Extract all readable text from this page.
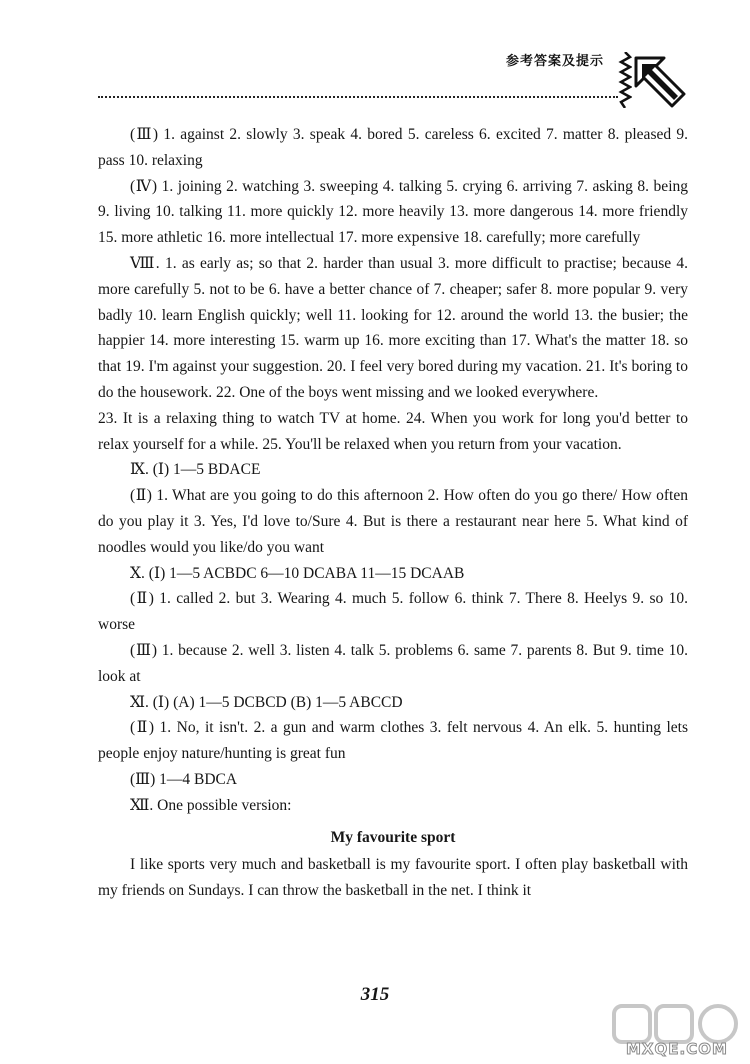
参考答案及提示

(Ⅲ) 1. against 2. slowly 3. speak 4. bored 5. careless 6. excited 7. matter 8. pleased 9. pass 10. relaxing

(Ⅳ) 1. joining 2. watching 3. sweeping 4. talking 5. crying 6. arriving 7. asking 8. being 9. living 10. talking 11. more quickly 12. more heavily 13. more dangerous 14. more friendly 15. more athletic 16. more intellectual 17. more expensive 18. carefully; more carefully

Ⅷ. 1. as early as; so that 2. harder than usual 3. more difficult to practise; because 4. more carefully 5. not to be 6. have a better chance of 7. cheaper; safer 8. more popular 9. very badly 10. learn English quickly; well 11. looking for 12. around the world 13. the busier; the happier 14. more interesting 15. warm up 16. more exciting than 17. What's the matter 18. so that 19. I'm against your suggestion. 20. I feel very bored during my vacation. 21. It's boring to do the housework. 22. One of the boys went missing and we looked everywhere.

23. It is a relaxing thing to watch TV at home. 24. When you work for long you'd better to relax yourself for a while. 25. You'll be relaxed when you return from your vacation.

Ⅸ. (Ⅰ) 1—5 BDACE

(Ⅱ) 1. What are you going to do this afternoon 2. How often do you go there/ How often do you play it 3. Yes, I'd love to/Sure 4. But is there a restaurant near here 5. What kind of noodles would you like/do you want

Ⅹ. (Ⅰ) 1—5 ACBDC 6—10 DCABA 11—15 DCAAB

(Ⅱ) 1. called 2. but 3. Wearing 4. much 5. follow 6. think 7. There 8. Heelys 9. so 10. worse

(Ⅲ) 1. because 2. well 3. listen 4. talk 5. problems 6. same 7. parents 8. But 9. time 10. look at

Ⅺ. (Ⅰ) (A) 1—5 DCBCD (B) 1—5 ABCCD

(Ⅱ) 1. No, it isn't. 2. a gun and warm clothes 3. felt nervous 4. An elk. 5. hunting lets people enjoy nature/hunting is great fun

(Ⅲ) 1—4 BDCA

Ⅻ. One possible version:

My favourite sport

I like sports very much and basketball is my favourite sport. I often play basketball with my friends on Sundays. I can throw the basketball in the net. I think it

315
MXQE.COM
